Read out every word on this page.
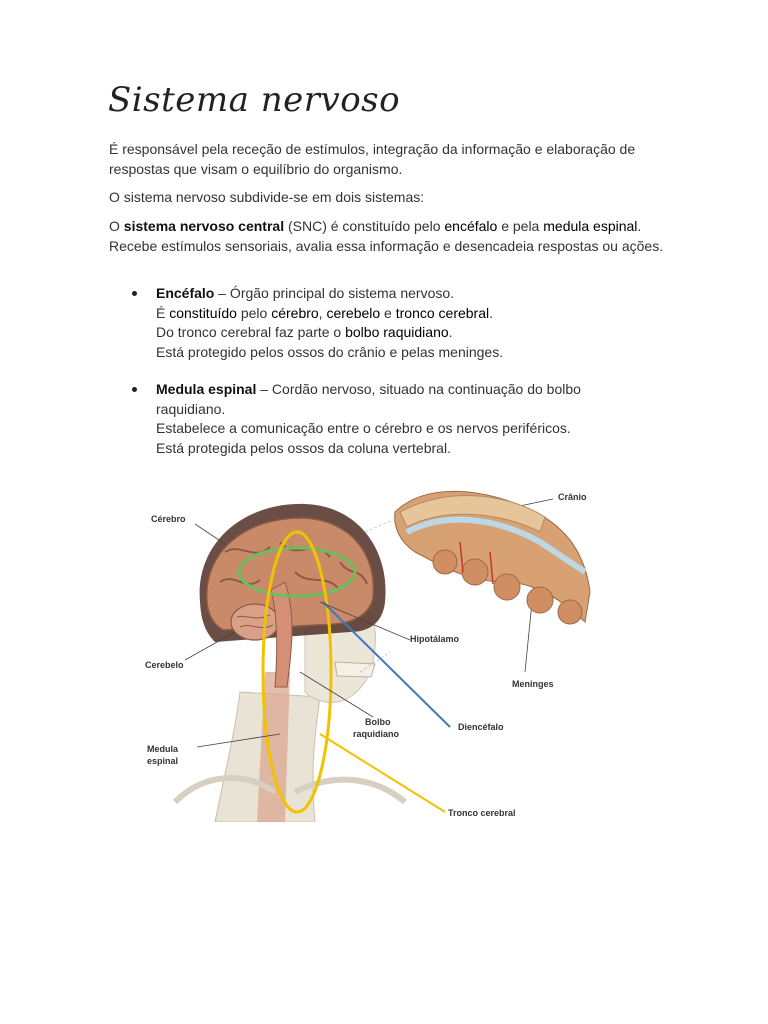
Sistema nervoso

É responsável pela receção de estímulos, integração da informação e elaboração de respostas que visam o equilíbrio do organismo.

O sistema nervoso subdivide-se em dois sistemas:

O sistema nervoso central (SNC) é constituído pelo encéfalo e pela medula espinal. Recebe estímulos sensoriais, avalia essa informação e desencadeia respostas ou ações.

Encéfalo – Órgão principal do sistema nervoso.
É constituído pelo cérebro, cerebelo e tronco cerebral.
Do tronco cerebral faz parte o bolbo raquidiano.
Está protegido pelos ossos do crânio e pelas meninges.
Medula espinal – Cordão nervoso, situado na continuação do bolbo raquidiano.
Estabelece a comunicação entre o cérebro e os nervos periféricos.
Está protegida pelos ossos da coluna vertebral.
Cérebro
Cerebelo
Medula
espinal
Bolbo
raquidiano
Hipotálamo
Diencéfalo
Tronco cerebral
Crânio
Meninges
